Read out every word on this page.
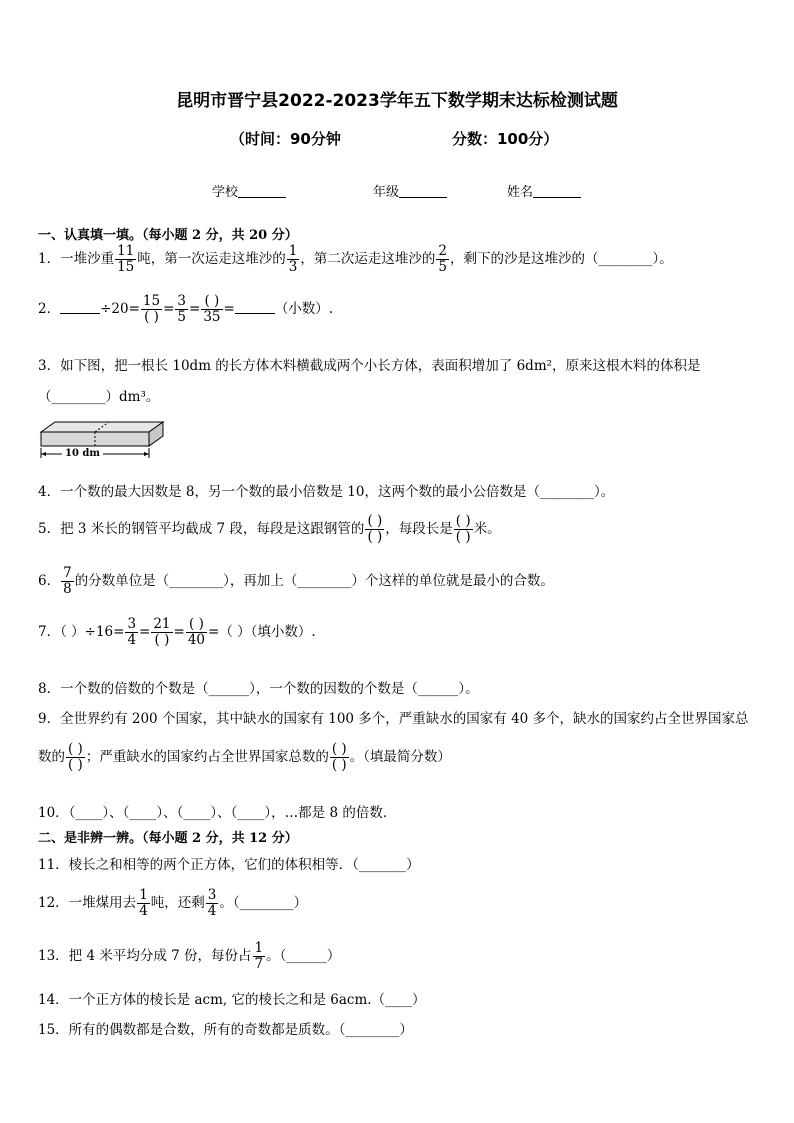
昆明市晋宁县2022-2023学年五下数学期末达标检测试题
（时间：90分钟	分数：100分）
学校	年级	姓名
一、认真填一填。（每小题 2 分，共 20 分）
1．一堆沙重 $\frac{11}{15}$ 吨，第一次运走这堆沙的 $\frac{1}{3}$ ，第二次运走这堆沙的 $\frac{2}{5}$ ，剩下的沙是这堆沙的（________）。
2．	$\div 20= \frac{15}{( )} = \frac{3}{5} = \frac{( )}{35}$ =	（小数）.
3．如下图，把一根长 10dm 的长方体木料横截成两个小长方体，表面积增加了 6dm²，原来这根木料的体积是
（________）dm³。
10 dm
4．一个数的最大因数是 8，另一个数的最小倍数是 10，这两个数的最小公倍数是（________）。
5．把 3 米长的钢管平均截成 7 段，每段是这跟钢管的 $\frac{( )}{( )}$ ，每段长是 $\frac{( )}{( )}$ 米。
6． $\frac{7}{8}$ 的分数单位是（________），再加上（________）个这样的单位就是最小的合数。
7．（ ）$\div 16= \frac{3}{4} = \frac{21}{( )} = \frac{( )}{40}$ =（ ）（填小数）.
8．一个数的倍数的个数是（______），一个数的因数的个数是（______）。
9．全世界约有 200 个国家，其中缺水的国家有 100 多个，严重缺水的国家有 40 多个，缺水的国家约占全世界国家总
数的 $\frac{( )}{( )}$ ；严重缺水的国家约占全世界国家总数的 $\frac{( )}{( )}$ 。（填最简分数）
10．（____）、（____）、（____）、（____），…都是 8 的倍数．
二、是非辨一辨。（每小题 2 分，共 12 分）
11．棱长之和相等的两个正方体，它们的体积相等．（_______）
12．一堆煤用去 $\frac{1}{4}$ 吨，还剩 $\frac{3}{4}$ 。（________）
13．把 4 米平均分成 7 份，每份占 $\frac{1}{7}$ 。（______）
14．一个正方体的棱长是 acm, 它的棱长之和是 6acm.（____）
15．所有的偶数都是合数，所有的奇数都是质数。（________）
